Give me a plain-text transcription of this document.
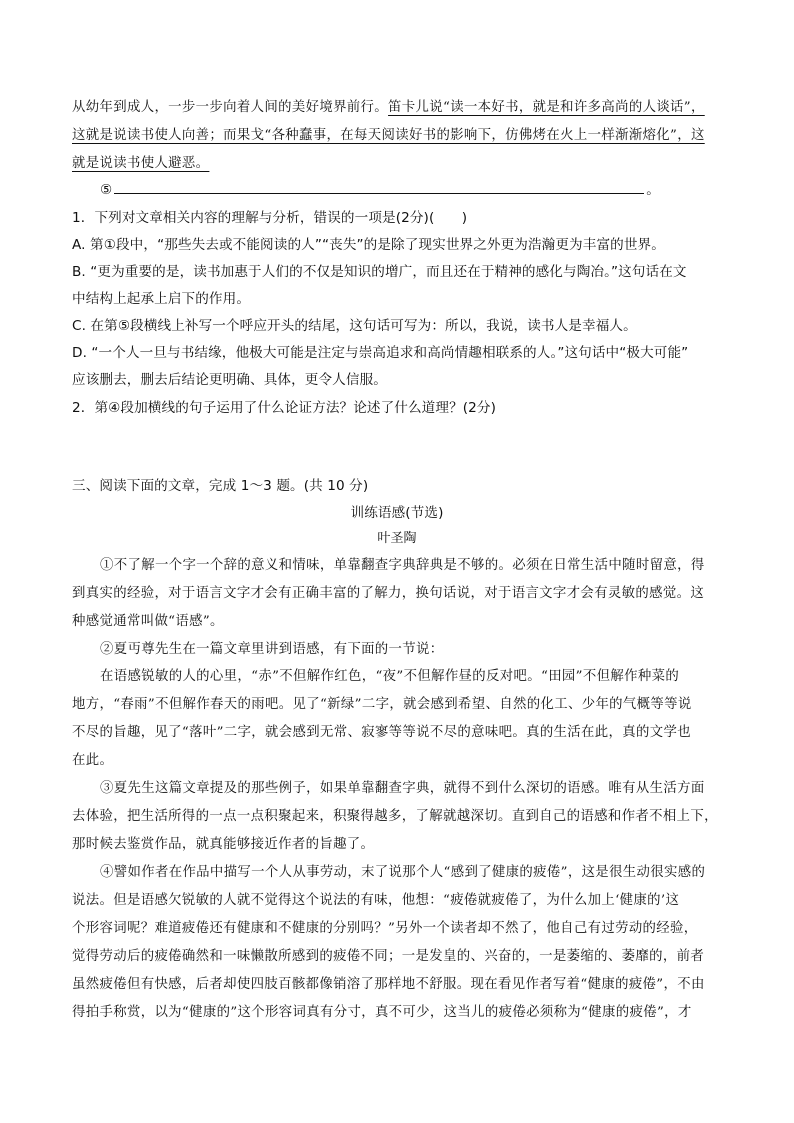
从幼年到成人，一步一步向着人间的美好境界前行。笛卡儿说“读一本好书，就是和许多高尚的人谈话”，
这就是说读书使人向善；而果戈“各种蠢事，在每天阅读好书的影响下，仿佛烤在火上一样渐渐熔化”，这
就是说读书使人避恶。
⑤	。
1．下列对文章相关内容的理解与分析，错误的一项是(2分)(　　)
A. 第①段中，“那些失去或不能阅读的人”“丧失”的是除了现实世界之外更为浩瀚更为丰富的世界。
B. “更为重要的是，读书加惠于人们的不仅是知识的增广，而且还在于精神的感化与陶冶。”这句话在文
中结构上起承上启下的作用。
C. 在第⑤段横线上补写一个呼应开头的结尾，这句话可写为：所以，我说，读书人是幸福人。
D. “一个人一旦与书结缘，他极大可能是注定与崇高追求和高尚情趣相联系的人。”这句话中“极大可能”
应该删去，删去后结论更明确、具体，更令人信服。
2．第④段加横线的句子运用了什么论证方法？论述了什么道理？(2分)
三、阅读下面的文章，完成 1～3 题。(共 10 分)
训练语感(节选)
叶圣陶
①不了解一个字一个辞的意义和情味，单靠翻查字典辞典是不够的。必须在日常生活中随时留意，得
到真实的经验，对于语言文字才会有正确丰富的了解力，换句话说，对于语言文字才会有灵敏的感觉。这
种感觉通常叫做“语感”。
②夏丏尊先生在一篇文章里讲到语感，有下面的一节说：
在语感锐敏的人的心里，“赤”不但解作红色，“夜”不但解作昼的反对吧。“田园”不但解作种菜的
地方，“春雨”不但解作春天的雨吧。见了“新绿”二字，就会感到希望、自然的化工、少年的气概等等说
不尽的旨趣，见了“落叶”二字，就会感到无常、寂寥等等说不尽的意味吧。真的生活在此，真的文学也
在此。
③夏先生这篇文章提及的那些例子，如果单靠翻查字典，就得不到什么深切的语感。唯有从生活方面
去体验，把生活所得的一点一点积聚起来，积聚得越多，了解就越深切。直到自己的语感和作者不相上下，
那时候去鉴赏作品，就真能够接近作者的旨趣了。
④譬如作者在作品中描写一个人从事劳动，末了说那个人“感到了健康的疲倦”，这是很生动很实感的
说法。但是语感欠锐敏的人就不觉得这个说法的有味，他想：“疲倦就疲倦了，为什么加上‘健康的’这
个形容词呢？难道疲倦还有健康和不健康的分别吗？”另外一个读者却不然了，他自己有过劳动的经验，
觉得劳动后的疲倦确然和一味懒散所感到的疲倦不同；一是发皇的、兴奋的，一是萎缩的、萎靡的，前者
虽然疲倦但有快感，后者却使四肢百骸都像销溶了那样地不舒服。现在看见作者写着“健康的疲倦”，不由
得拍手称赏，以为“健康的”这个形容词真有分寸，真不可少，这当儿的疲倦必须称为“健康的疲倦”，才
